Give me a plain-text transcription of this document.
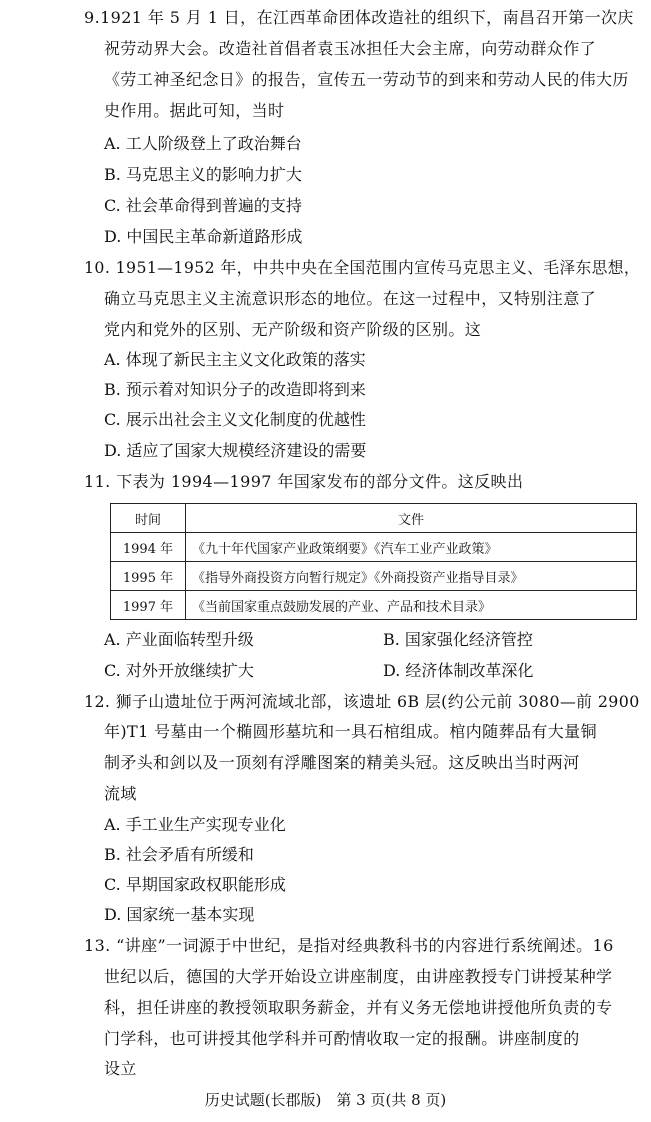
9.1921 年 5 月 1 日，在江西革命团体改造社的组织下，南昌召开第一次庆
祝劳动界大会。改造社首倡者袁玉冰担任大会主席，向劳动群众作了
《劳工神圣纪念日》的报告，宣传五一劳动节的到来和劳动人民的伟大历
史作用。据此可知，当时
A. 工人阶级登上了政治舞台
B. 马克思主义的影响力扩大
C. 社会革命得到普遍的支持
D. 中国民主革命新道路形成
10. 1951—1952 年，中共中央在全国范围内宣传马克思主义、毛泽东思想，
确立马克思主义主流意识形态的地位。在这一过程中，又特别注意了
党内和党外的区别、无产阶级和资产阶级的区别。这
A. 体现了新民主主义文化政策的落实
B. 预示着对知识分子的改造即将到来
C. 展示出社会主义文化制度的优越性
D. 适应了国家大规模经济建设的需要
11. 下表为 1994—1997 年国家发布的部分文件。这反映出
时间	文件
1994 年	《九十年代国家产业政策纲要》《汽车工业产业政策》
1995 年	《指导外商投资方向暂行规定》《外商投资产业指导目录》
1997 年	《当前国家重点鼓励发展的产业、产品和技术目录》
A. 产业面临转型升级	B. 国家强化经济管控
C. 对外开放继续扩大	D. 经济体制改革深化
12. 狮子山遗址位于两河流域北部，该遗址 6B 层(约公元前 3080—前 2900
年)T1 号墓由一个椭圆形墓坑和一具石棺组成。棺内随葬品有大量铜
制矛头和剑以及一顶刻有浮雕图案的精美头冠。这反映出当时两河
流域
A. 手工业生产实现专业化
B. 社会矛盾有所缓和
C. 早期国家政权职能形成
D. 国家统一基本实现
13. “讲座”一词源于中世纪，是指对经典教科书的内容进行系统阐述。16
世纪以后，德国的大学开始设立讲座制度，由讲座教授专门讲授某种学
科，担任讲座的教授领取职务薪金，并有义务无偿地讲授他所负责的专
门学科，也可讲授其他学科并可酌情收取一定的报酬。讲座制度的
设立
历史试题(长郡版)　第 3 页(共 8 页)
